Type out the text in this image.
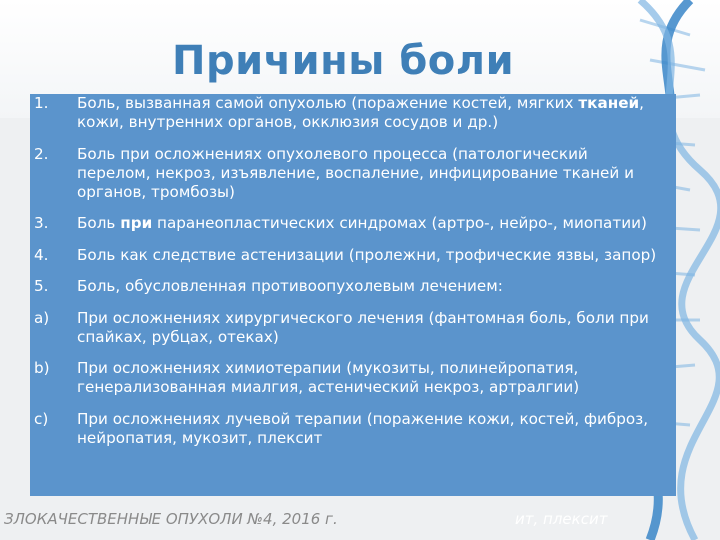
Причины боли
1. Боль, вызванная самой опухолью (поражение костей, мягких тканей, кожи, внутренних органов, окклюзия сосудов и др.)
2. Боль при осложнениях опухолевого процесса (патологический перелом, некроз, изъявление, воспаление, инфицирование тканей и органов, тромбозы)
3. Боль при паранеопластических синдромах (артро-, нейро-, миопатии)
4. Боль как следствие астенизации (пролежни, трофические язвы, запор)
5. Боль, обусловленная противоопухолевым лечением:
a) При осложнениях хирургического лечения (фантомная боль, боли при спайках, рубцах, отеках)
b) При осложнениях химиотерапии (мукозиты, полинейропатия, генерализованная миалгия, астенический некроз, артралгии)
c) При осложнениях лучевой терапии (поражение кожи, костей, фиброз, нейропатия, мукозит, плексит
ЗЛОКАЧЕСТВЕННЫЕ ОПУХОЛИ №4, 2016 г.	ит, плексит
